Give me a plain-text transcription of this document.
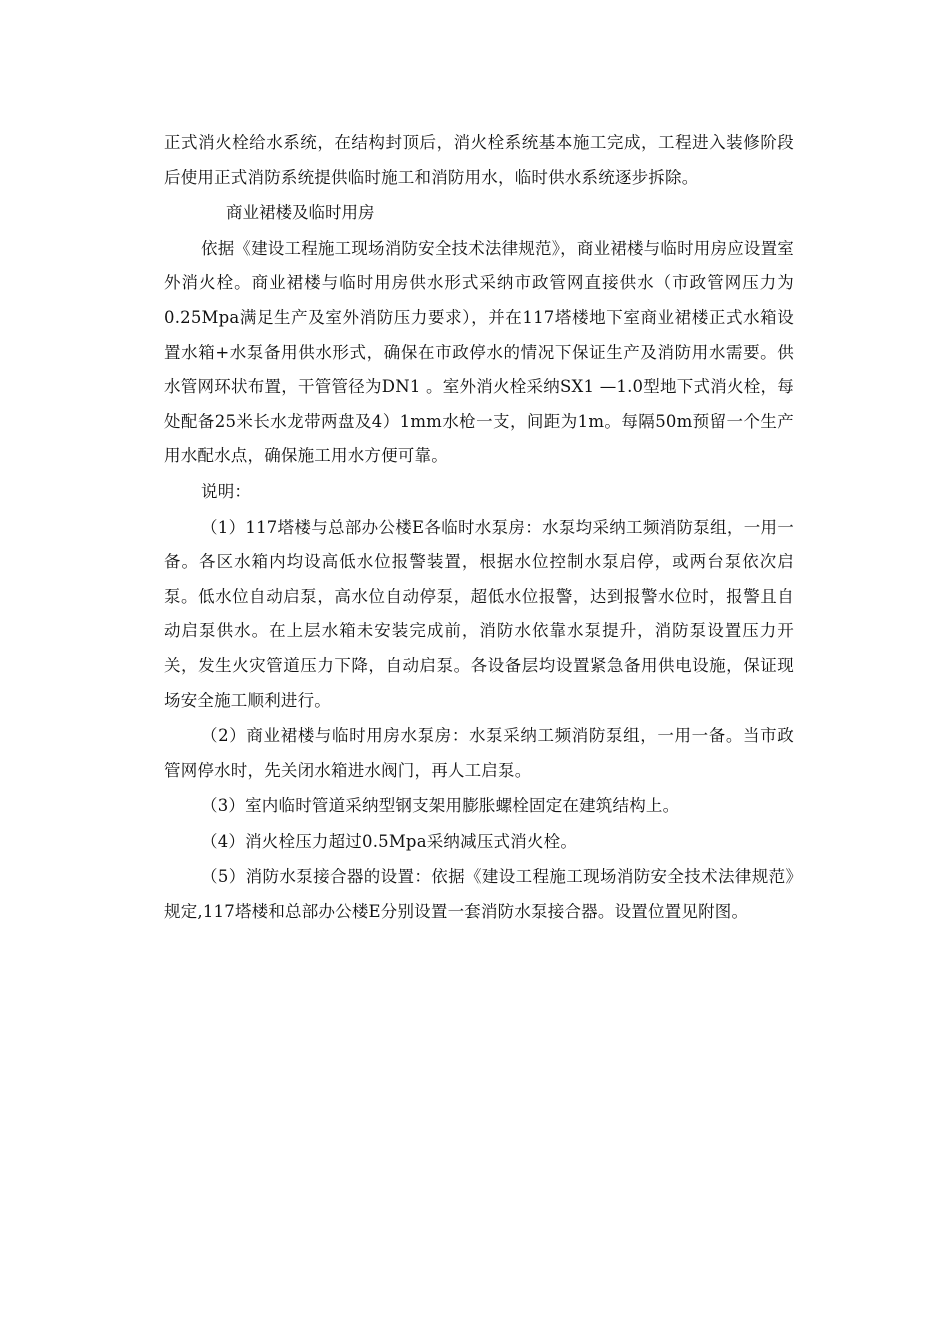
正式消火栓给水系统，在结构封顶后，消火栓系统基本施工完成，工程进入装修阶段后使用正式消防系统提供临时施工和消防用水，临时供水系统逐步拆除。

商业裙楼及临时用房

依据《建设工程施工现场消防安全技术法律规范》，商业裙楼与临时用房应设置室外消火栓。商业裙楼与临时用房供水形式采纳市政管网直接供水（市政管网压力为0.25Mpa满足生产及室外消防压力要求），并在117塔楼地下室商业裙楼正式水箱设置水箱+水泵备用供水形式，确保在市政停水的情况下保证生产及消防用水需要。供水管网环状布置，干管管径为DN1 。室外消火栓采纳SX1 —1.0型地下式消火栓，每处配备25米长水龙带两盘及4）1mm水枪一支，间距为1m。每隔50m预留一个生产用水配水点，确保施工用水方便可靠。

说明：

（1）117塔楼与总部办公楼E各临时水泵房：水泵均采纳工频消防泵组，一用一备。各区水箱内均设高低水位报警装置，根据水位控制水泵启停，或两台泵依次启泵。低水位自动启泵，高水位自动停泵，超低水位报警，达到报警水位时，报警且自动启泵供水。在上层水箱未安装完成前，消防水依靠水泵提升，消防泵设置压力开关，发生火灾管道压力下降，自动启泵。各设备层均设置紧急备用供电设施，保证现场安全施工顺利进行。

（2）商业裙楼与临时用房水泵房：水泵采纳工频消防泵组，一用一备。当市政管网停水时，先关闭水箱进水阀门，再人工启泵。

（3）室内临时管道采纳型钢支架用膨胀螺栓固定在建筑结构上。

（4）消火栓压力超过0.5Mpa采纳减压式消火栓。

（5）消防水泵接合器的设置：依据《建设工程施工现场消防安全技术法律规范》规定,117塔楼和总部办公楼E分别设置一套消防水泵接合器。设置位置见附图。
